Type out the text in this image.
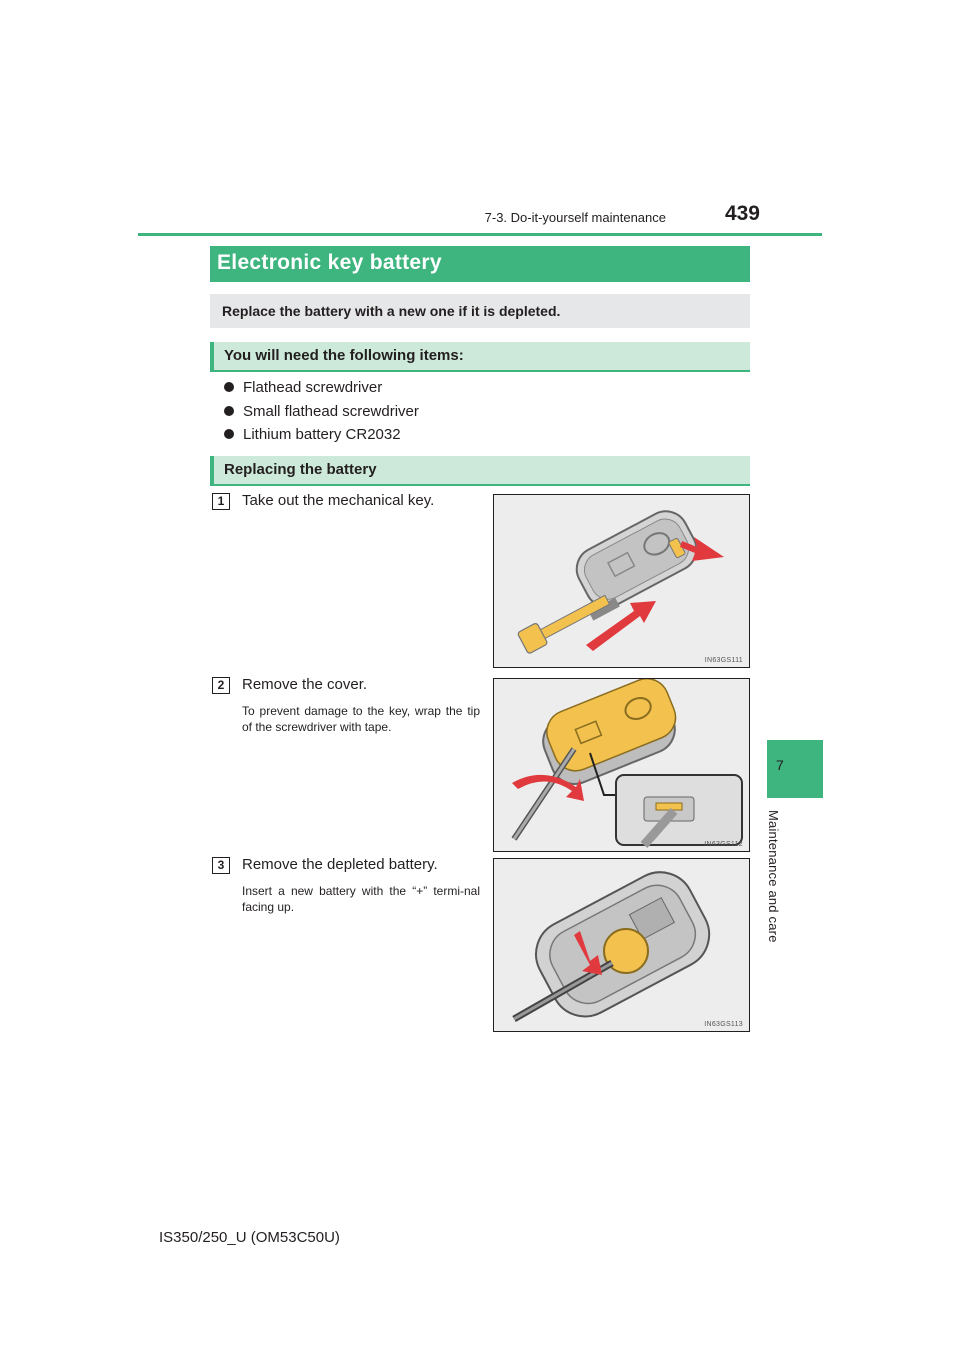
7-3. Do-it-yourself maintenance	439
7
Maintenance and care
Electronic key battery
Replace the battery with a new one if it is depleted.
You will need the following items:
Flathead screwdriver
Small flathead screwdriver
Lithium battery CR2032
Replacing the battery
1	Take out the mechanical key.
IN63GS111
2	Remove the cover.
To prevent damage to the key, wrap the tip of the screwdriver with tape.
IN63GS112
3	Remove the depleted battery.
Insert a new battery with the “+” termi-nal facing up.
IN63GS113
IS350/250_U (OM53C50U)
